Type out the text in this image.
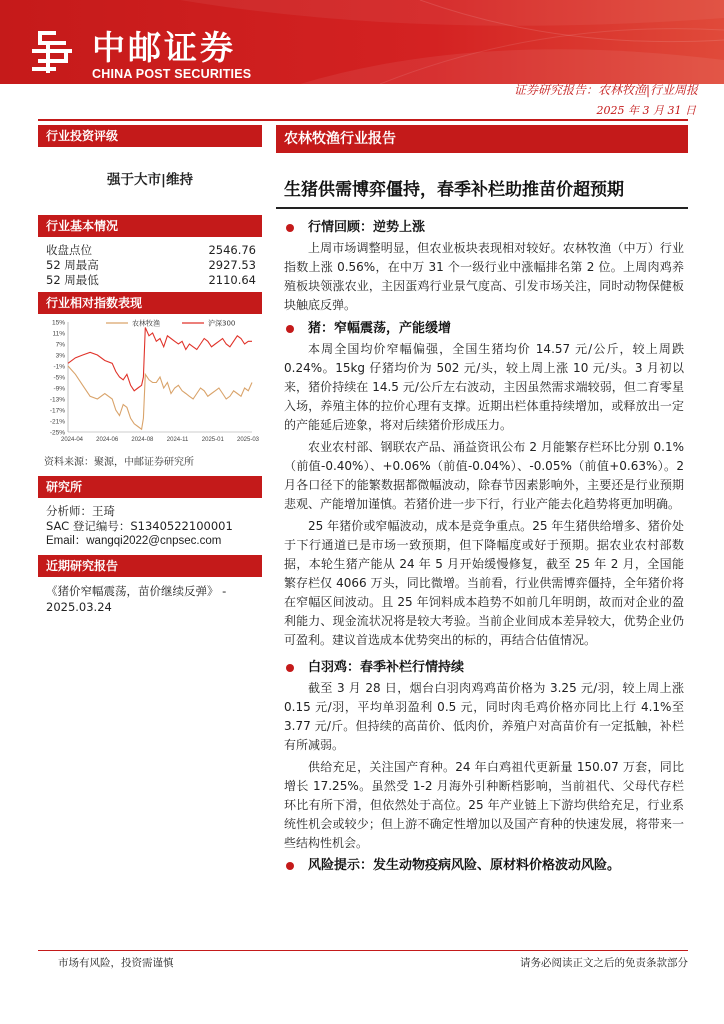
中邮证券
CHINA POST SECURITIES
证券研究报告：农林牧渔|行业周报
2025 年 3 月 31 日
行业投资评级
强于大市|维持
行业基本情况
收盘点位	2546.76
52 周最高	2927.53
52 周最低	2110.64
行业相对指数表现
15%
11%
7%
3%
-1%
-5%
-9%
-13%
-17%
-21%
-25%
2024-04 2024-06 2024-08 2024-11 2025-01 2025-03
农林牧渔	沪深300
资料来源：聚源，中邮证券研究所
研究所
分析师：王琦
SAC 登记编号：S1340522100001
Email：wangqi2022@cnpsec.com
近期研究报告
《猪价窄幅震荡，苗价继续反弹》 - 2025.03.24
农林牧渔行业报告
生猪供需博弈僵持，春季补栏助推苗价超预期
行情回顾：逆势上涨

上周市场调整明显，但农业板块表现相对较好。农林牧渔（中万）行业指数上涨 0.56%，在中万 31 个一级行业中涨幅排名第 2 位。上周肉鸡养殖板块领涨农业，主因蛋鸡行业景气度高、引发市场关注，同时动物保健板块触底反弹。

猪：窄幅震荡，产能缓增

本周全国均价窄幅偏强，全国生猪均价 14.57 元/公斤，较上周跌 0.24%。15kg 仔猪均价为 502 元/头，较上周上涨 10 元/头。3 月初以来，猪价持续在 14.5 元/公斤左右波动，主因虽然需求端较弱，但二育零星入场，养殖主体的拉价心理有支撑。近期出栏体重持续增加，或释放出一定的产能延后迹象，将对后续猪价形成压力。

农业农村部、钢联农产品、涌益资讯公布 2 月能繁存栏环比分别 0.1%（前值-0.40%）、+0.06%（前值-0.04%）、-0.05%（前值+0.63%）。2 月各口径下的能繁数据都微幅波动，除春节因素影响外，主要还是行业预期悲观、产能增加谨慎。若猪价进一步下行，行业产能去化趋势将更加明确。

25 年猪价或窄幅波动，成本是竞争重点。25 年生猪供给增多、猪价处于下行通道已是市场一致预期，但下降幅度或好于预期。据农业农村部数据，本轮生猪产能从 24 年 5 月开始缓慢修复，截至 25 年 2 月，全国能繁存栏仅 4066 万头，同比微增。当前看，行业供需博弈僵持，全年猪价将在窄幅区间波动。且 25 年饲料成本趋势不如前几年明朗，故而对企业的盈利能力、现金流状况将是较大考验。当前企业间成本差异较大，优势企业仍可盈利。建议首选成本优势突出的标的，再结合估值情况。

白羽鸡：春季补栏行情持续

截至 3 月 28 日，烟台白羽肉鸡鸡苗价格为 3.25 元/羽，较上周上涨 0.15 元/羽，平均单羽盈利 0.5 元，同时肉毛鸡价格亦同比上行 4.1%至 3.77 元/斤。但持续的高苗价、低肉价，养殖户对高苗价有一定抵触，补栏有所减弱。

供给充足，关注国产育种。24 年白鸡祖代更新量 150.07 万套，同比增长 17.25%。虽然受 1-2 月海外引种断档影响，当前祖代、父母代存栏环比有所下滑，但依然处于高位。25 年产业链上下游均供给充足，行业系统性机会或较少；但上游不确定性增加以及国产育种的快速发展，将带来一些结构性机会。

风险提示：发生动物疫病风险、原材料价格波动风险。
市场有风险，投资需谨慎	请务必阅读正文之后的免责条款部分
